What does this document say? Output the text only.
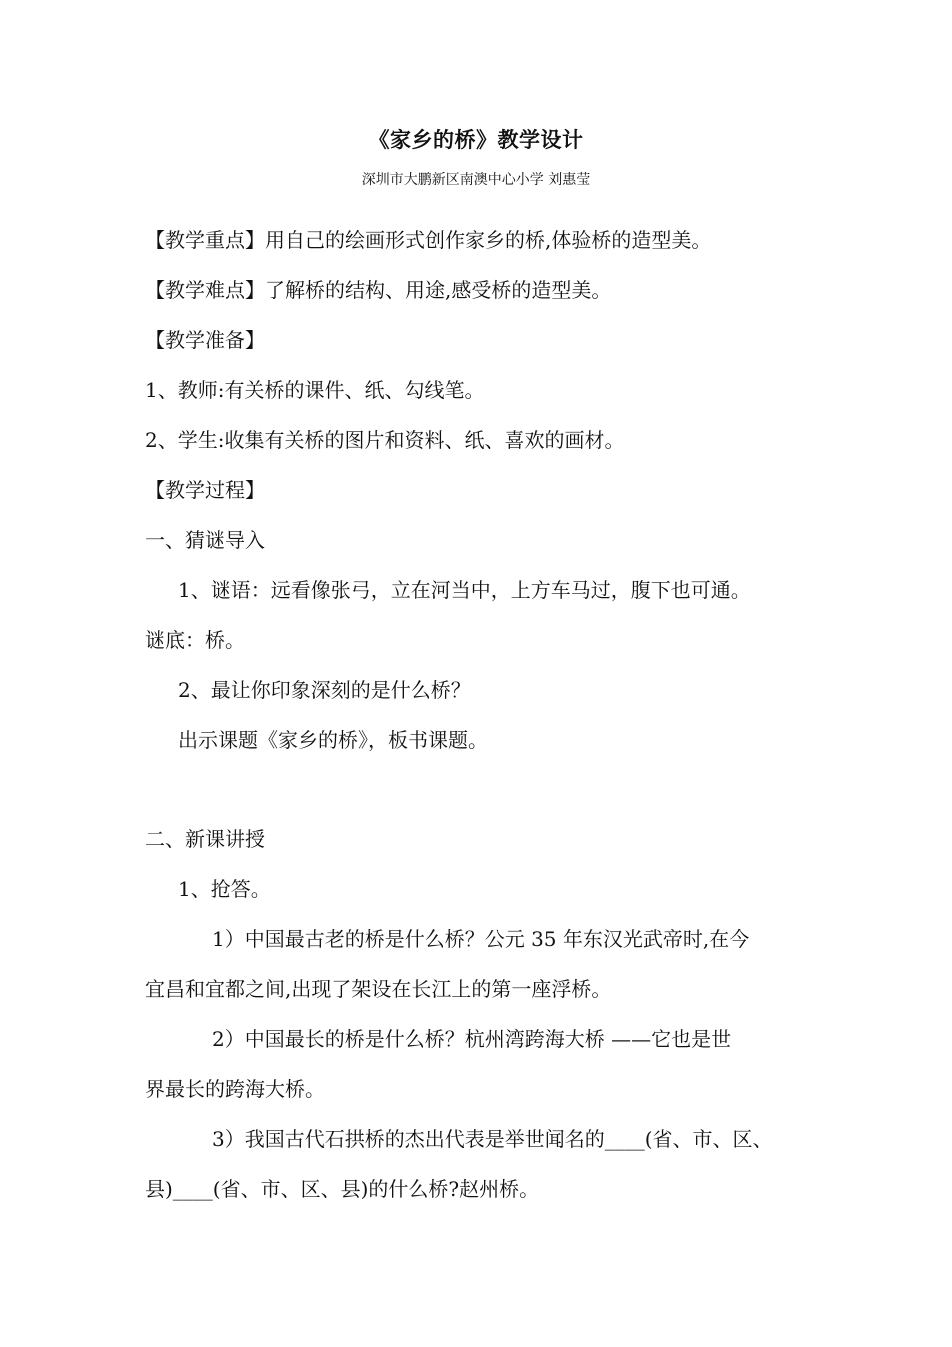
《家乡的桥》教学设计
深圳市大鹏新区南澳中心小学 刘惠莹
【教学重点】用自己的绘画形式创作家乡的桥,体验桥的造型美。
【教学难点】了解桥的结构、用途,感受桥的造型美。
【教学准备】
1、教师:有关桥的课件、纸、勾线笔。
2、学生:收集有关桥的图片和资料、纸、喜欢的画材。
【教学过程】
一、猜谜导入
1、谜语：远看像张弓，立在河当中，上方车马过，腹下也可通。
谜底：桥。
2、最让你印象深刻的是什么桥？
出示课题《家乡的桥》，板书课题。
二、新课讲授
1、抢答。
1）中国最古老的桥是什么桥？公元 35 年东汉光武帝时,在今
宜昌和宜都之间,出现了架设在长江上的第一座浮桥。
2）中国最长的桥是什么桥？杭州湾跨海大桥 ——它也是世
界最长的跨海大桥。
3）我国古代石拱桥的杰出代表是举世闻名的____(省、市、区、
县)____(省、市、区、县)的什么桥?赵州桥。
